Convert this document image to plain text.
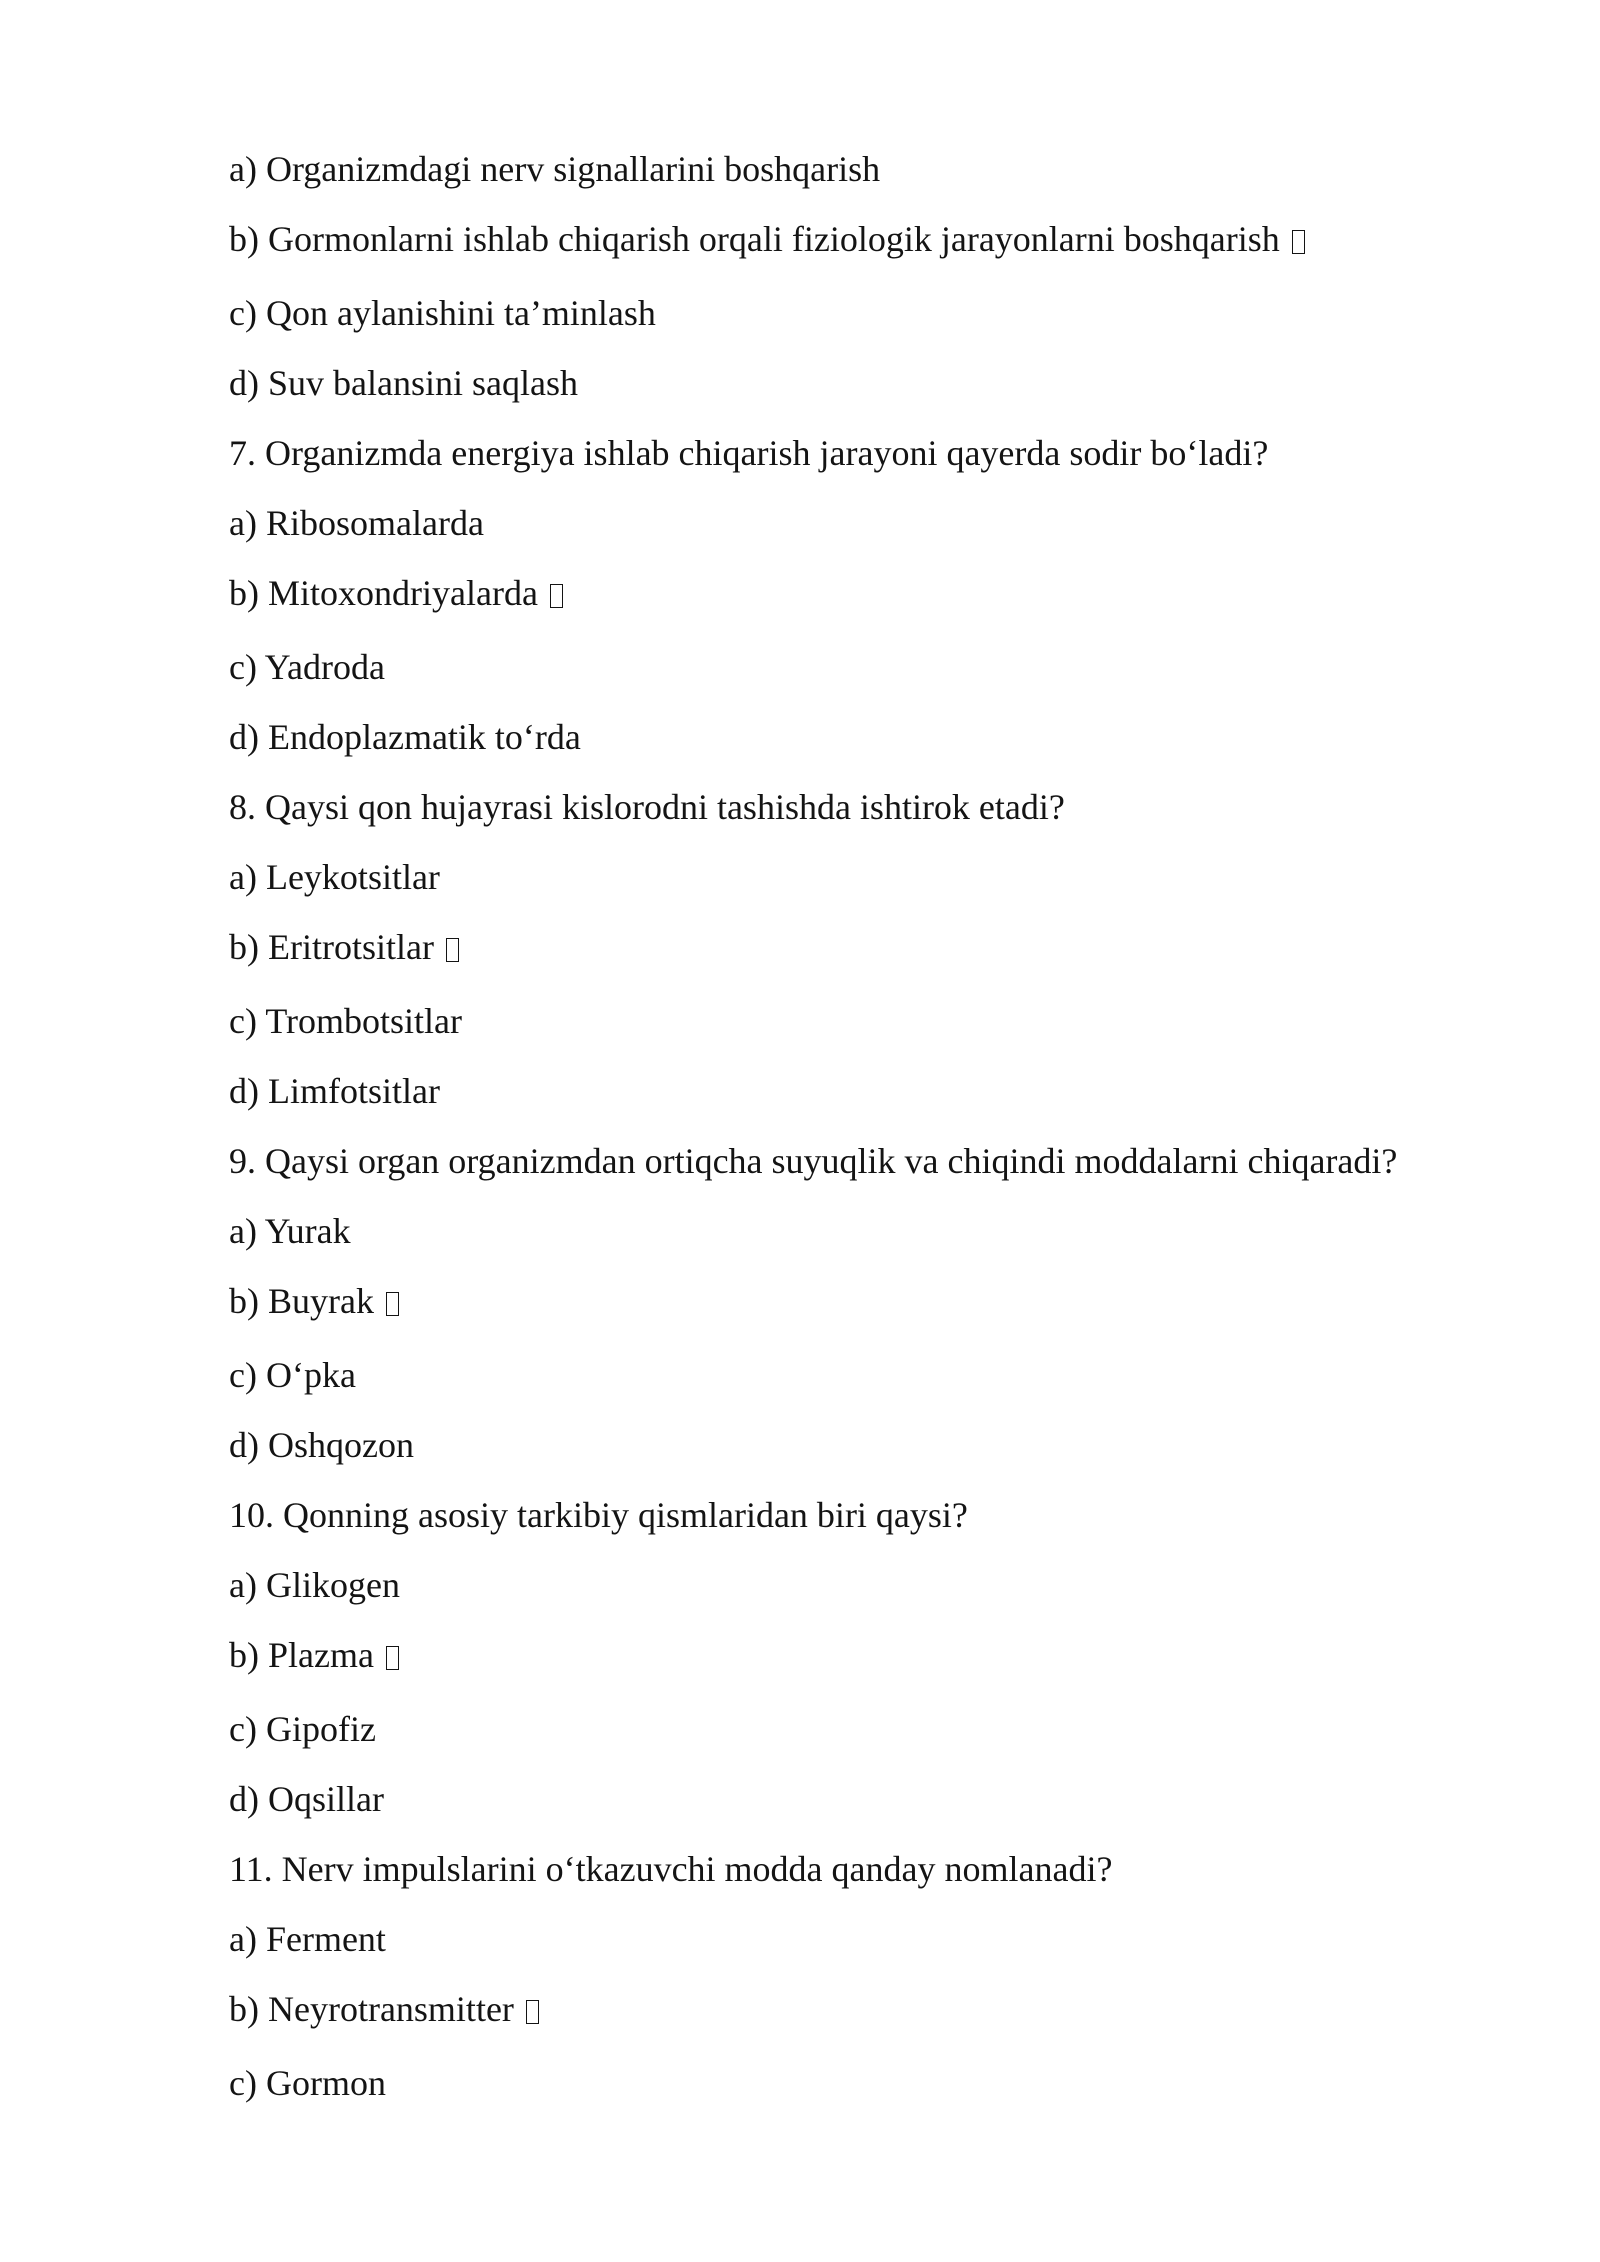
a) Organizmdagi nerv signallarini boshqarish
b) Gormonlarni ishlab chiqarish orqali fiziologik jarayonlarni boshqarish
c) Qon aylanishini ta’minlash
d) Suv balansini saqlash
7. Organizmda energiya ishlab chiqarish jarayoni qayerda sodir bo‘ladi?
a) Ribosomalarda
b) Mitoxondriyalarda
c) Yadroda
d) Endoplazmatik to‘rda
8. Qaysi qon hujayrasi kislorodni tashishda ishtirok etadi?
a) Leykotsitlar
b) Eritrotsitlar
c) Trombotsitlar
d) Limfotsitlar
9. Qaysi organ organizmdan ortiqcha suyuqlik va chiqindi moddalarni chiqaradi?
a) Yurak
b) Buyrak
c) O‘pka
d) Oshqozon
10. Qonning asosiy tarkibiy qismlaridan biri qaysi?
a) Glikogen
b) Plazma
c) Gipofiz
d) Oqsillar
11. Nerv impulslarini o‘tkazuvchi modda qanday nomlanadi?
a) Ferment
b) Neyrotransmitter
c) Gormon
